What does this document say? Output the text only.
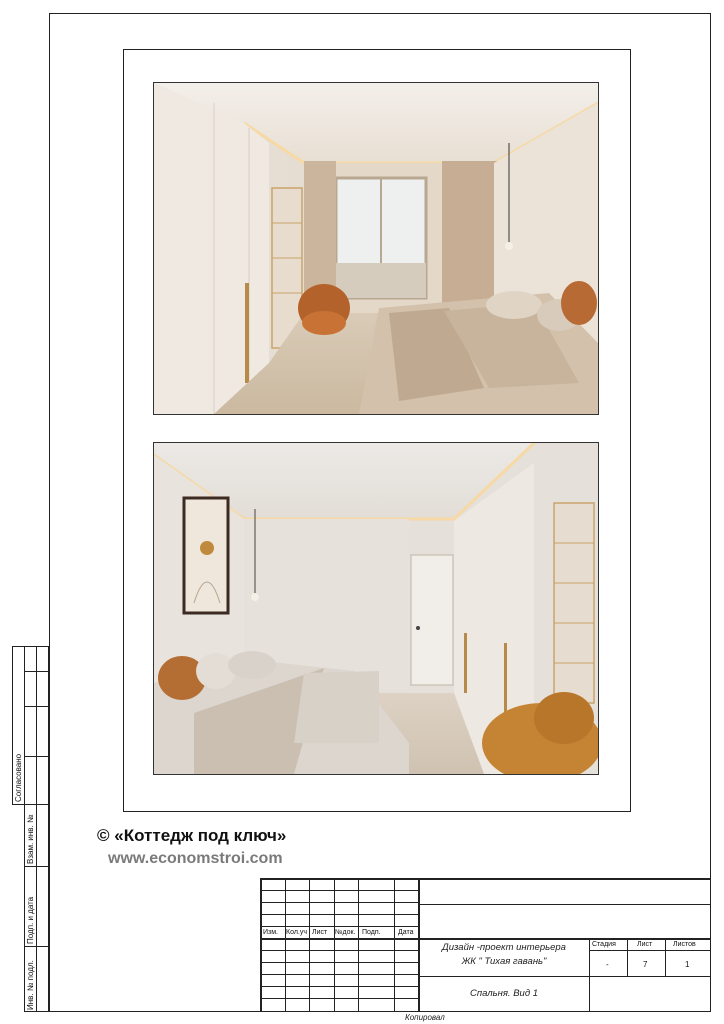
© «Коттедж под ключ»
www.economstroi.com
Согласовано
Взам. инв. №
Подп. и дата
Инв. № подл.
Изм. Кол.уч Лист №док. Подп. Дата
Дизайн -проект интерьера
ЖК " Тихая гавань"
Спальня. Вид 1
Стадия	Лист	Листов
-	7	1
Копировал
